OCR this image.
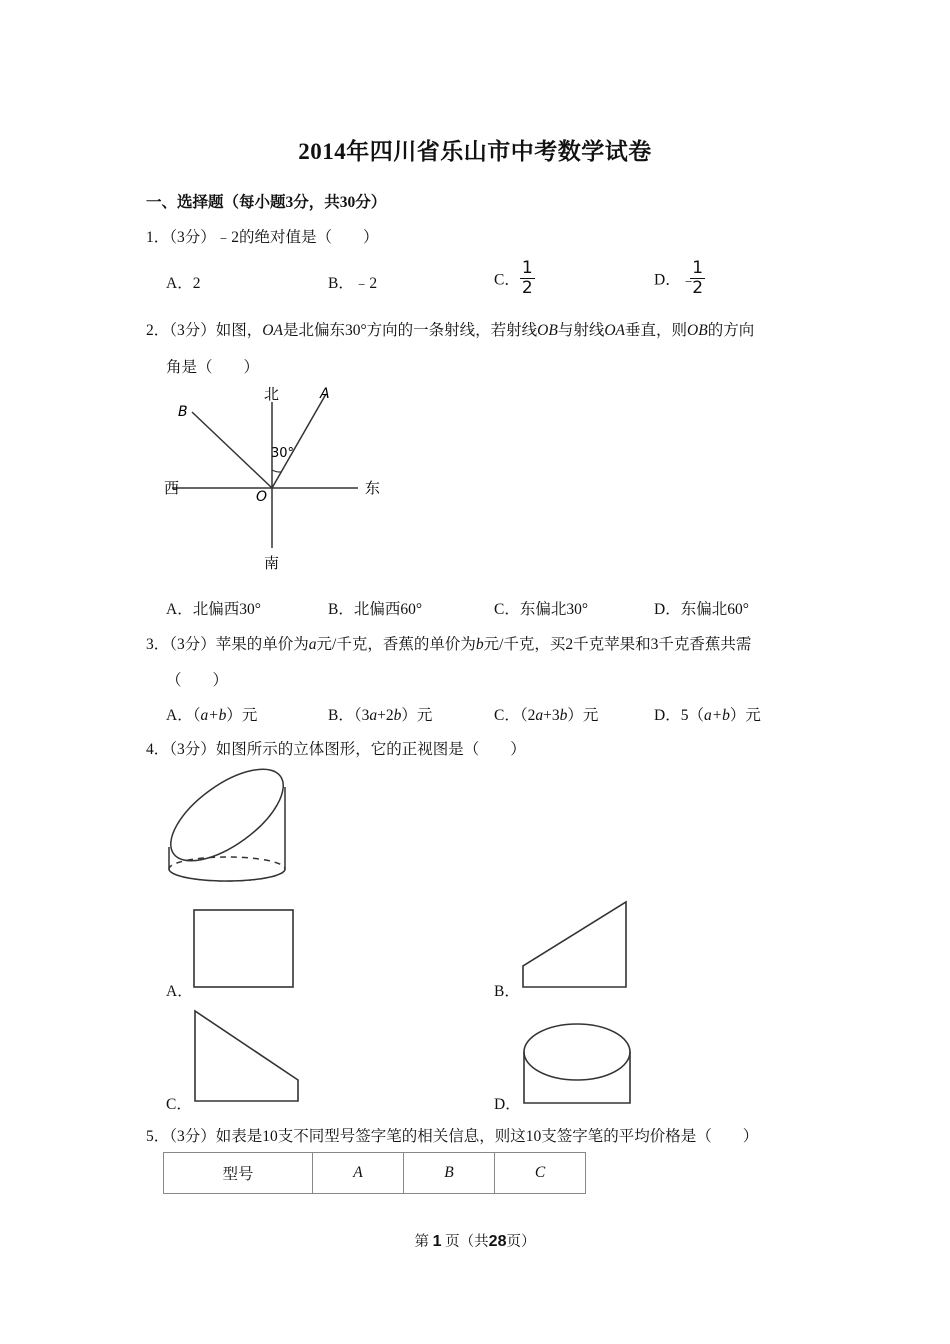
2014年四川省乐山市中考数学试卷
一、选择题（每小题3分，共30分）
1．（3分）﹣2的绝对值是（　　）
A．2	B．﹣2	C． $\frac{1}{2}$	D．﹣
$\frac{1}{2}$
2．（3分）如图，OA是北偏东30°方向的一条射线，若射线OB与射线OA垂直，则OB的方向
角是（　　）
北
南
西	东
A
B
O
30°
A．北偏西30°	B．北偏西60°	C．东偏北30°	D．东偏北60°
3．（3分）苹果的单价为a元/千克，香蕉的单价为b元/千克，买2千克苹果和3千克香蕉共需
（　　）
A．（a+b）元	B．（3a+2b）元	C．（2a+3b）元	D．5（a+b）元
4．（3分）如图所示的立体图形，它的正视图是（　　）
A．	B．
C．	D．
5．（3分）如表是10支不同型号签字笔的相关信息，则这10支签字笔的平均价格是（　　）
型号	A	B	C
第 1 页（共28页）
